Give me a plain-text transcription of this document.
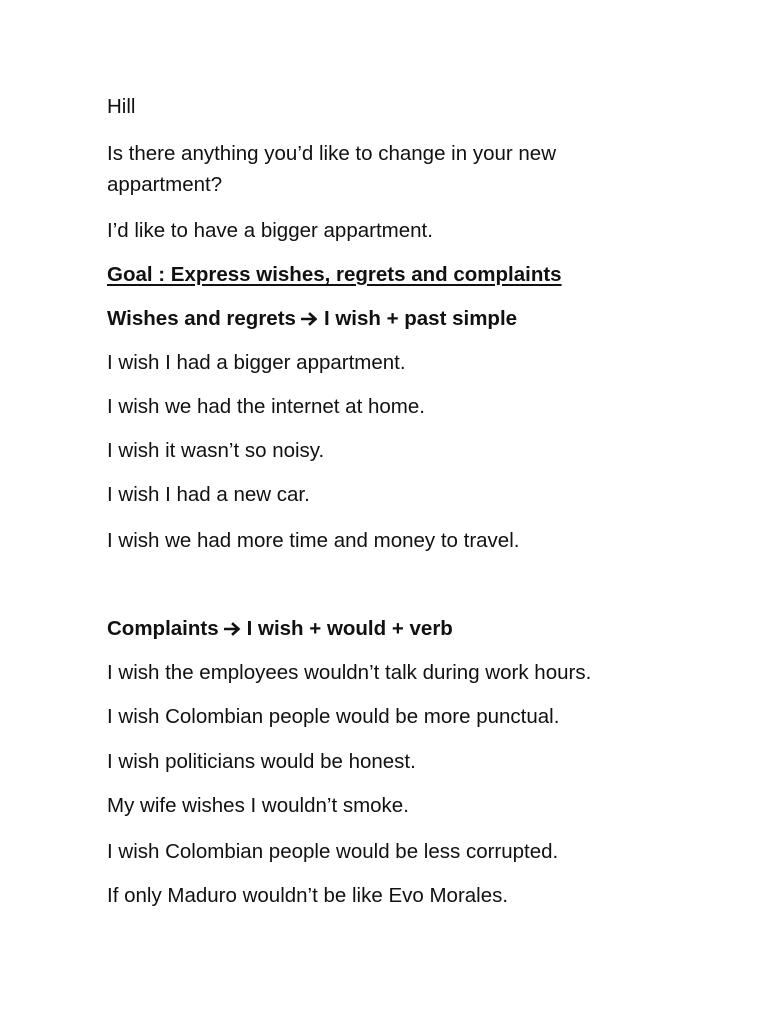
Hill

Is there anything you’d like to change in your new appartment?

I’d like to have a bigger appartment.

Goal : Express wishes, regrets and complaints

Wishes and regrets I wish + past simple

I wish I had a bigger appartment.

I wish we had the internet at home.

I wish it wasn’t so noisy.

I wish I had a new car.

I wish we had more time and money to travel.

Complaints I wish + would + verb

I wish the employees wouldn’t talk during work hours.

I wish Colombian people would be more punctual.

I wish politicians would be honest.

My wife wishes I wouldn’t smoke.

I wish Colombian people would be less corrupted.

If only Maduro wouldn’t be like Evo Morales.
